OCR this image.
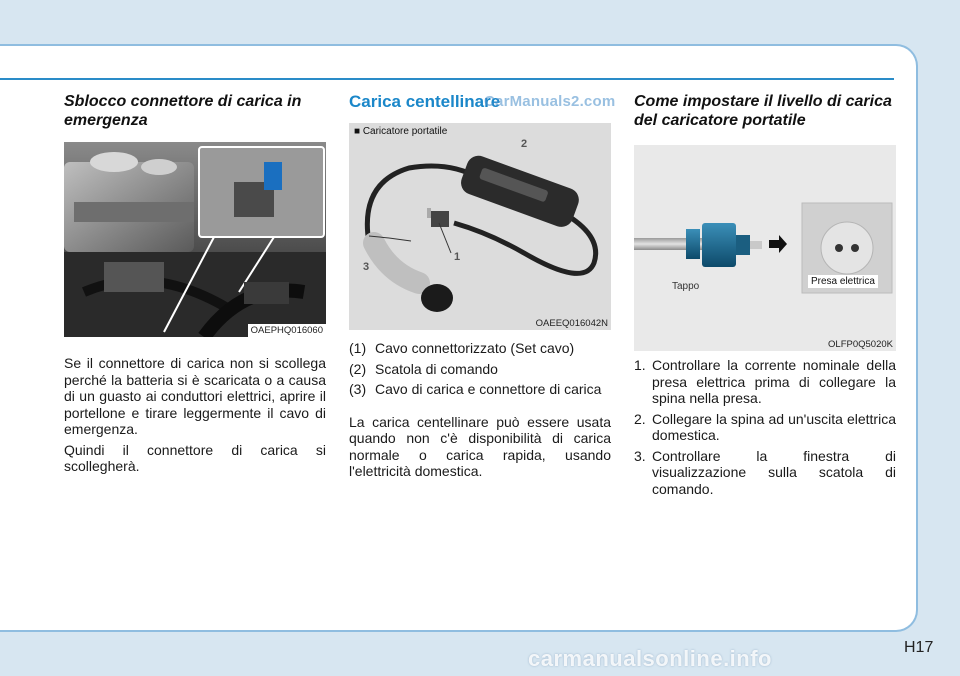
Sblocco connettore di carica in emergenza
OAEPHQ016060

Se il connettore di carica non si scollega perché la batteria si è scaricata o a causa di un guasto ai conduttori elettrici, aprire il portellone e tirare leggermente il cavo di emergenza.

Quindi il connettore di carica si scollegherà.

Carica centellinare
■ Caricatore portatile
2
1
3
OAEEQ016042N
(1) Cavo connettorizzato (Set cavo)
(2) Scatola di comando
(3) Cavo di carica e connettore di carica

La carica centellinare può essere usata quando non c'è disponibilità di carica normale o carica rapida, usando l'elettricità domestica.

Come impostare il livello di carica del caricatore portatile
Tappo	Presa elettrica
OLFP0Q5020K
1. Controllare la corrente nominale della presa elettrica prima di collegare la spina nella presa.
2. Collegare la spina ad un'uscita elettrica domestica.
3. Controllare la finestra di visualizzazione sulla scatola di comando.
CarManuals2.com
H17
carmanualsonline.info
